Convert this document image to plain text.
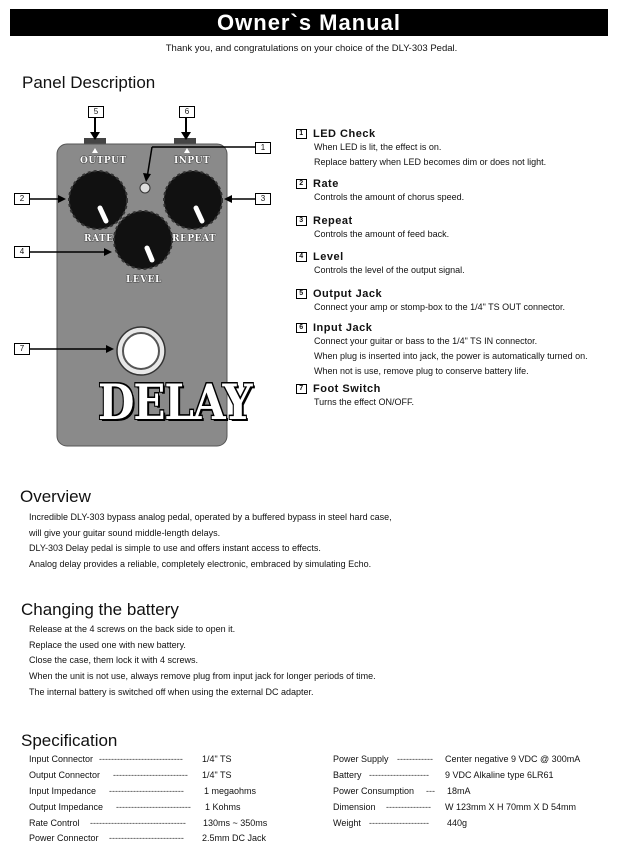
Owner`s Manual
Thank you, and congratulations on your choice of the DLY-303 Pedal.
Panel Description
OUTPUT	INPUT
RATE	REPEAT
LEVEL
DELAY
5	6
1
2	3
4
7
1 LED Check
When LED is lit, the effect is on.
Replace battery when LED becomes dim or does not light.
2 Rate
Controls the amount of chorus speed.
3 Repeat
Controls the amount of feed back.
4 Level
Controls the level of the output signal.
5 Output Jack
Connect your amp or stomp-box to the 1/4" TS OUT connector.
6 Input Jack
Connect your guitar or bass to the 1/4" TS IN connector.
When plug is inserted into jack, the power is automatically turned on.
When not is use, remove plug to conserve battery life.
7 Foot Switch
Turns the effect ON/OFF.
Overview
Incredible DLY-303 bypass analog pedal, operated by a buffered bypass in steel hard case,
will give your guitar sound middle-length delays.
DLY-303 Delay pedal is simple to use and offers instant access to effects.
Analog delay provides a reliable, completely electronic, embraced by simulating Echo.
Changing the battery
Release at the 4 screws on the back side to open it.
Replace the used one with new battery.
Close the case, them lock it with 4 screws.
When the unit is not use, always remove plug from input jack for longer periods of time.
The internal battery is switched off when using the external DC adapter.
Specification
Input Connector ---------------------------- 1/4" TS
Output Connector ------------------------- 1/4" TS
Input Impedance ------------------------- 1 megaohms
Output Impedance ------------------------- 1 Kohms
Rate Control -------------------------------- 130ms ~ 350ms
Power Connector ------------------------- 2.5mm DC Jack
Power Supply ------------ Center negative 9 VDC @ 300mA
Battery -------------------- 9 VDC Alkaline type 6LR61
Power Consumption --- 18mA
Dimension --------------- W 123mm X H 70mm X D 54mm
Weight -------------------- 440g
